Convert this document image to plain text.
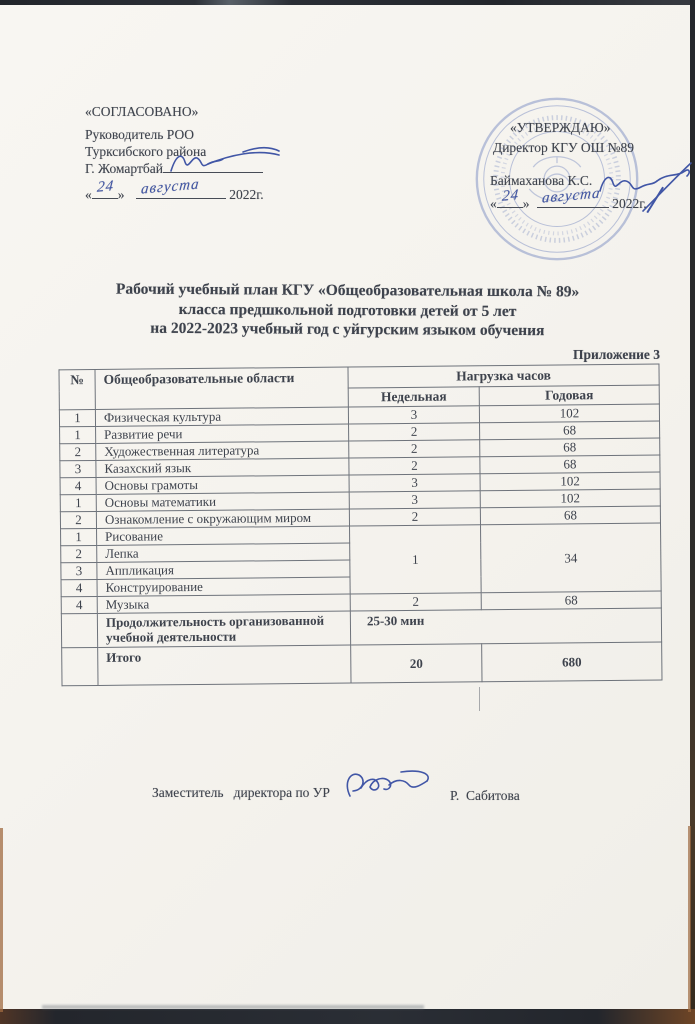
«СОГЛАСОВАНО»
Руководитель РОО
Турксибского района
Г. Жомартбай
« 24 » августа 2022г.
«УТВЕРЖДАЮ»
Директор КГУ ОШ №89
Баймаханова К.С.
« 24 » августа 2022г.
Рабочий учебный план КГУ «Общеобразовательная школа № 89»
класса предшкольной подготовки детей от 5 лет
на 2022-2023 учебный год с уйгурским языком обучения
Приложение 3
№	Общеобразовательные области	Нагрузка часов	
		Недельная	Годовая
1	Физическая культура	3	102
1	Развитие речи	2	68
2	Художественная литература	2	68
3	Казахский язык	2	68
4	Основы грамоты	3	102
1	Основы математики	3	102
2	Ознакомление с окружающим миром	2	68
1	Рисование	1	34
2	Лепка		
3	Аппликация		
4	Конструирование		
4	Музыка	2	68
	Продолжительность организованной учебной деятельности	25-30 мин	
	Итого	20	680
Заместитель   директора по УР	Р.  Сабитова
